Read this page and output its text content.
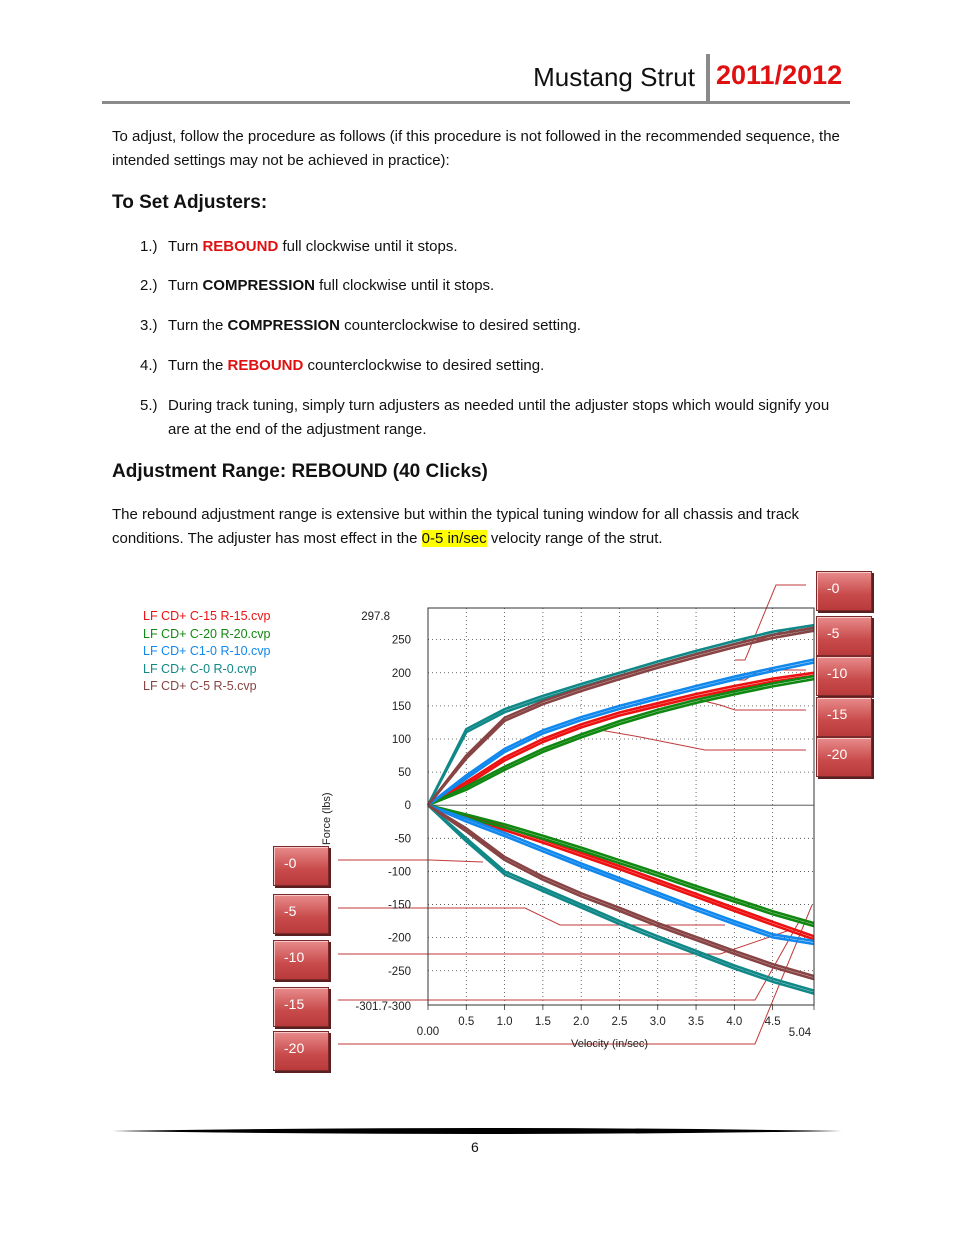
Mustang Strut 2011/2012
To adjust, follow the procedure as follows (if this procedure is not followed in the recommended sequence, the intended settings may not be achieved in practice):
To Set Adjusters:
1.) Turn REBOUND full clockwise until it stops.
2.) Turn COMPRESSION full clockwise until it stops.
3.) Turn the COMPRESSION counterclockwise to desired setting.
4.) Turn the REBOUND counterclockwise to desired setting.
5.) During track tuning, simply turn adjusters as needed until the adjuster stops which would signify you are at the end of the adjustment range.
Adjustment Range: REBOUND (40 Clicks)
The rebound adjustment range is extensive but within the typical tuning window for all chassis and track conditions. The adjuster has most effect in the 0-5 in/sec velocity range of the strut.
LF CD+ C-15 R-15.cvp
LF CD+ C-20 R-20.cvp
LF CD+ C1-0 R-10.cvp
LF CD+ C-0 R-0.cvp
LF CD+ C-5 R-5.cvp
297.8
250
200
150
100
50
0
-50
-100
-150
-200
-250
-301.7-300
0.00
0.5 1.0 1.5 2.0 2.5 3.0 3.5 4.0 4.5
5.04
Force (lbs)
Velocity (in/sec)
-0
-5
-10
-15
-20
-0
-5
-10
-15
-20
6
